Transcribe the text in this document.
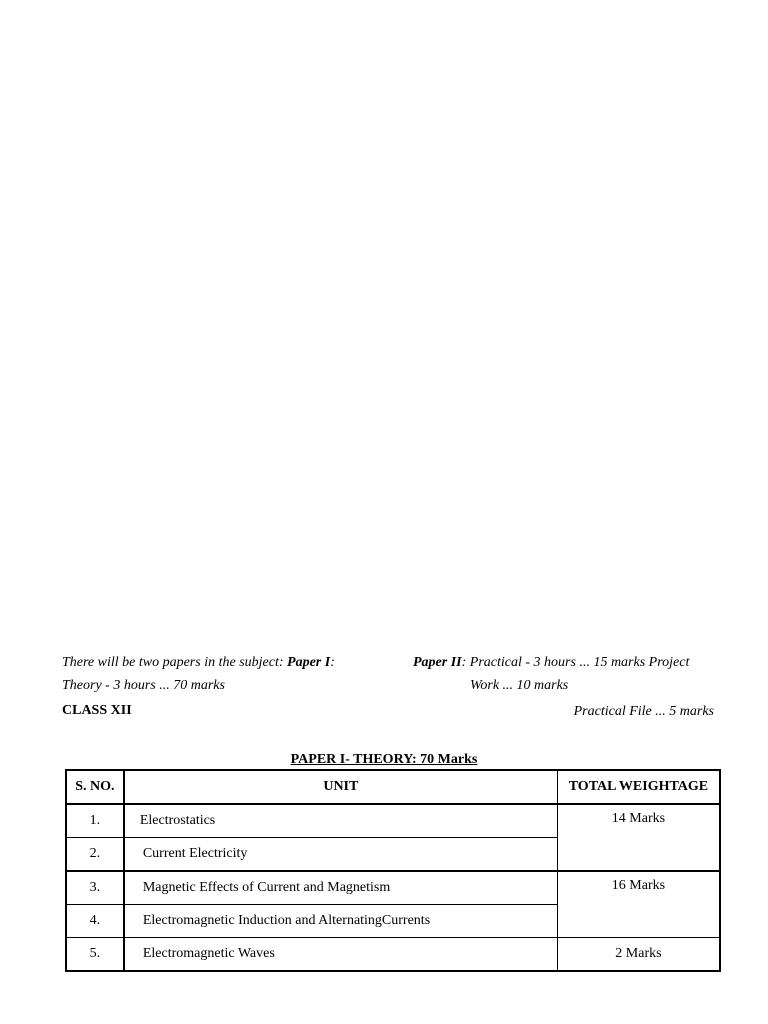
There will be two papers in the subject: Paper I:
Theory - 3 hours ... 70 marks
Paper II: Practical - 3 hours ... 15 marks Project
Work ... 10 marks
CLASS XII	Practical File ... 5 marks
PAPER I- THEORY: 70 Marks
S. NO.	UNIT	TOTAL WEIGHTAGE
1.	Electrostatics	14 Marks
2.	Current Electricity	
3.	Magnetic Effects of Current and Magnetism	16 Marks
4.	Electromagnetic Induction and AlternatingCurrents	
5.	Electromagnetic Waves	2 Marks
